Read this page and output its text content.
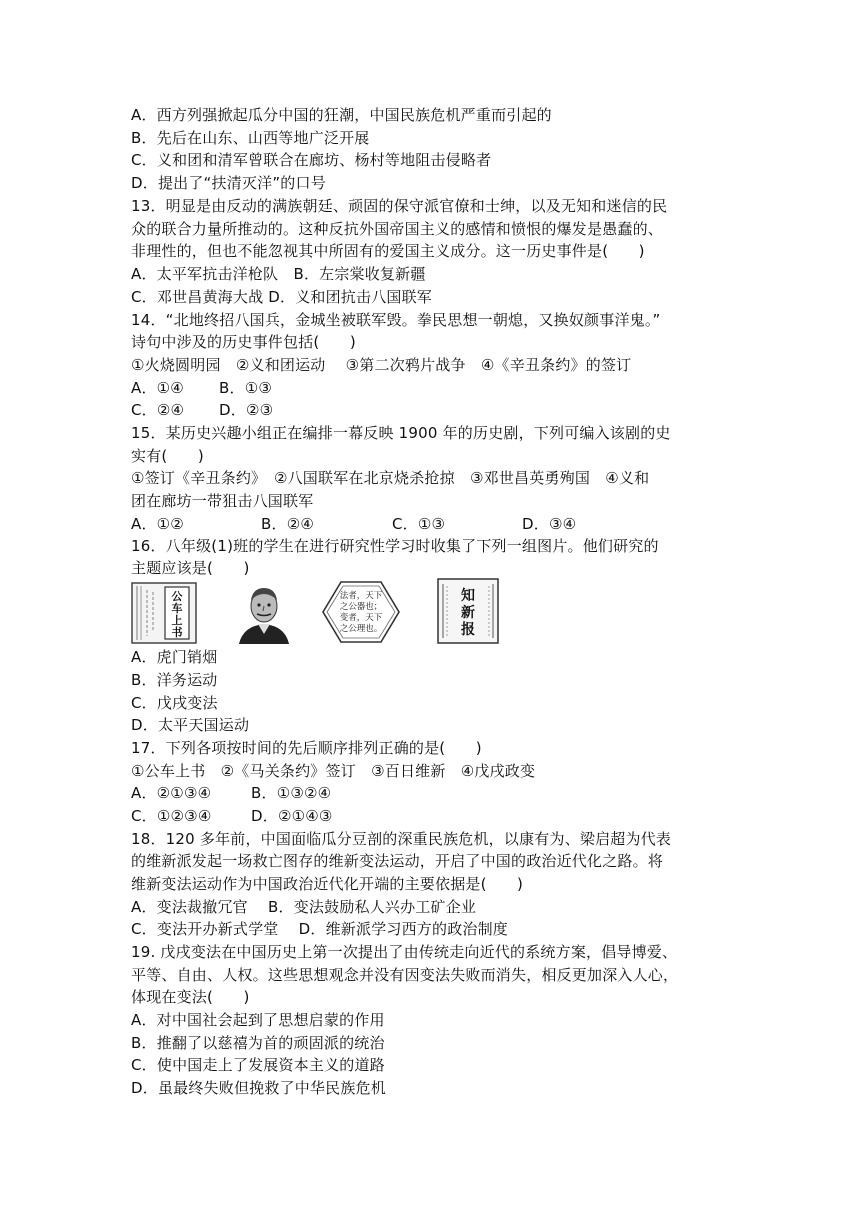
A．西方列强掀起瓜分中国的狂潮，中国民族危机严重而引起的
B．先后在山东、山西等地广泛开展
C．义和团和清军曾联合在廊坊、杨村等地阻击侵略者
D．提出了“扶清灭洋”的口号
13．明显是由反动的满族朝廷、顽固的保守派官僚和士绅，以及无知和迷信的民
众的联合力量所推动的。这种反抗外国帝国主义的感情和愤恨的爆发是愚蠢的、
非理性的，但也不能忽视其中所固有的爱国主义成分。这一历史事件是(　　)
A．太平军抗击洋枪队　B．左宗棠收复新疆
C．邓世昌黄海大战 D．义和团抗击八国联军
14．“北地终招八国兵，金城坐被联军毁。拳民思想一朝熄，又换奴颜事洋鬼。”
诗句中涉及的历史事件包括(　　)
①火烧圆明园　②义和团运动　 ③第二次鸦片战争　④《辛丑条约》的签订
A．①④	B．①③
C．②④	D．②③
15．某历史兴趣小组正在编排一幕反映 1900 年的历史剧，下列可编入该剧的史
实有(　　)
①签订《辛丑条约》　②八国联军在北京烧杀抢掠　③邓世昌英勇殉国　④义和
团在廊坊一带狙击八国联军
A．①②	B．②④	C．①③	D．③④
16．八年级(1)班的学生在进行研究性学习时收集了下列一组图片。他们研究的
主题应该是(　　)
公
车
上
书
法者，天下
之公器也；
变者，天下
之公理也。
知
新
报
A．虎门销烟
B．洋务运动
C．戊戌变法
D．太平天国运动
17．下列各项按时间的先后顺序排列正确的是(　　)
①公车上书　②《马关条约》签订　③百日维新　④戊戌政变
A．②①③④	B．①③②④
C．①②③④	D．②①④③
18．120 多年前，中国面临瓜分豆剖的深重民族危机，以康有为、梁启超为代表
的维新派发起一场救亡图存的维新变法运动，开启了中国的政治近代化之路。将
维新变法运动作为中国政治近代化开端的主要依据是(　　)
A．变法裁撤冗官　 B．变法鼓励私人兴办工矿企业
C．变法开办新式学堂　 D．维新派学习西方的政治制度
19. 戊戌变法在中国历史上第一次提出了由传统走向近代的系统方案，倡导博爱、
平等、自由、人权。这些思想观念并没有因变法失败而消失，相反更加深入人心，
体现在变法(　　)
A．对中国社会起到了思想启蒙的作用
B．推翻了以慈禧为首的顽固派的统治
C．使中国走上了发展资本主义的道路
D．虽最终失败但挽救了中华民族危机
